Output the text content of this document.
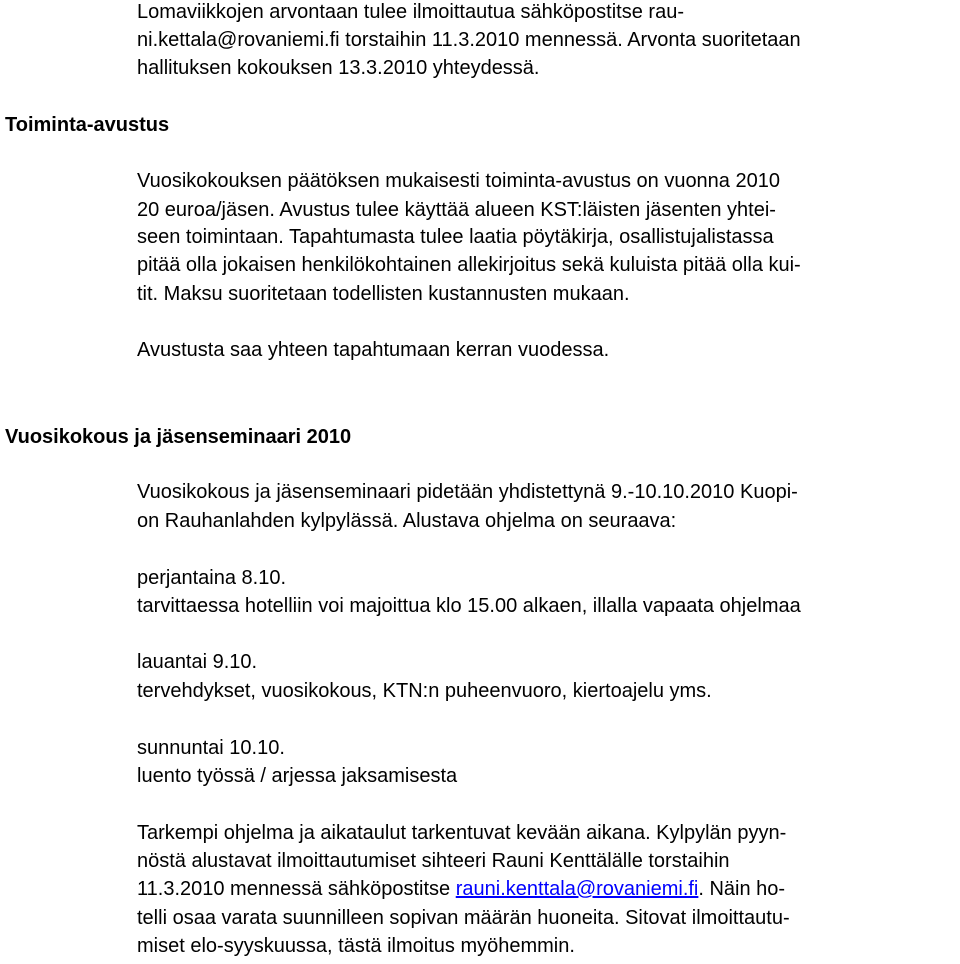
Lomaviikkojen arvontaan tulee ilmoittautua sähköpostitse rau-
ni.kettala@rovaniemi.fi torstaihin 11.3.2010 mennessä. Arvonta suoritetaan
hallituksen kokouksen 13.3.2010 yhteydessä.
Toiminta-avustus
Vuosikokouksen päätöksen mukaisesti toiminta-avustus on vuonna 2010
20 euroa/jäsen. Avustus tulee käyttää alueen KST:läisten jäsenten yhtei-
seen toimintaan. Tapahtumasta tulee laatia pöytäkirja, osallistujalistassa
pitää olla jokaisen henkilökohtainen allekirjoitus sekä kuluista pitää olla kui-
tit. Maksu suoritetaan todellisten kustannusten mukaan.
Avustusta saa yhteen tapahtumaan kerran vuodessa.
Vuosikokous ja jäsenseminaari 2010
Vuosikokous ja jäsenseminaari pidetään yhdistettynä 9.-10.10.2010 Kuopi-
on Rauhanlahden kylpylässä. Alustava ohjelma on seuraava:
perjantaina 8.10.
tarvittaessa hotelliin voi majoittua klo 15.00 alkaen, illalla vapaata ohjelmaa
lauantai 9.10.
tervehdykset, vuosikokous, KTN:n puheenvuoro, kiertoajelu yms.
sunnuntai 10.10.
luento työssä / arjessa jaksamisesta
Tarkempi ohjelma ja aikataulut tarkentuvat kevään aikana. Kylpylän pyyn-
nöstä alustavat ilmoittautumiset sihteeri Rauni Kenttälälle torstaihin
11.3.2010 mennessä sähköpostitse rauni.kenttala@rovaniemi.fi. Näin ho-
telli osaa varata suunnilleen sopivan määrän huoneita. Sitovat ilmoittautu-
miset elo-syyskuussa, tästä ilmoitus myöhemmin.
